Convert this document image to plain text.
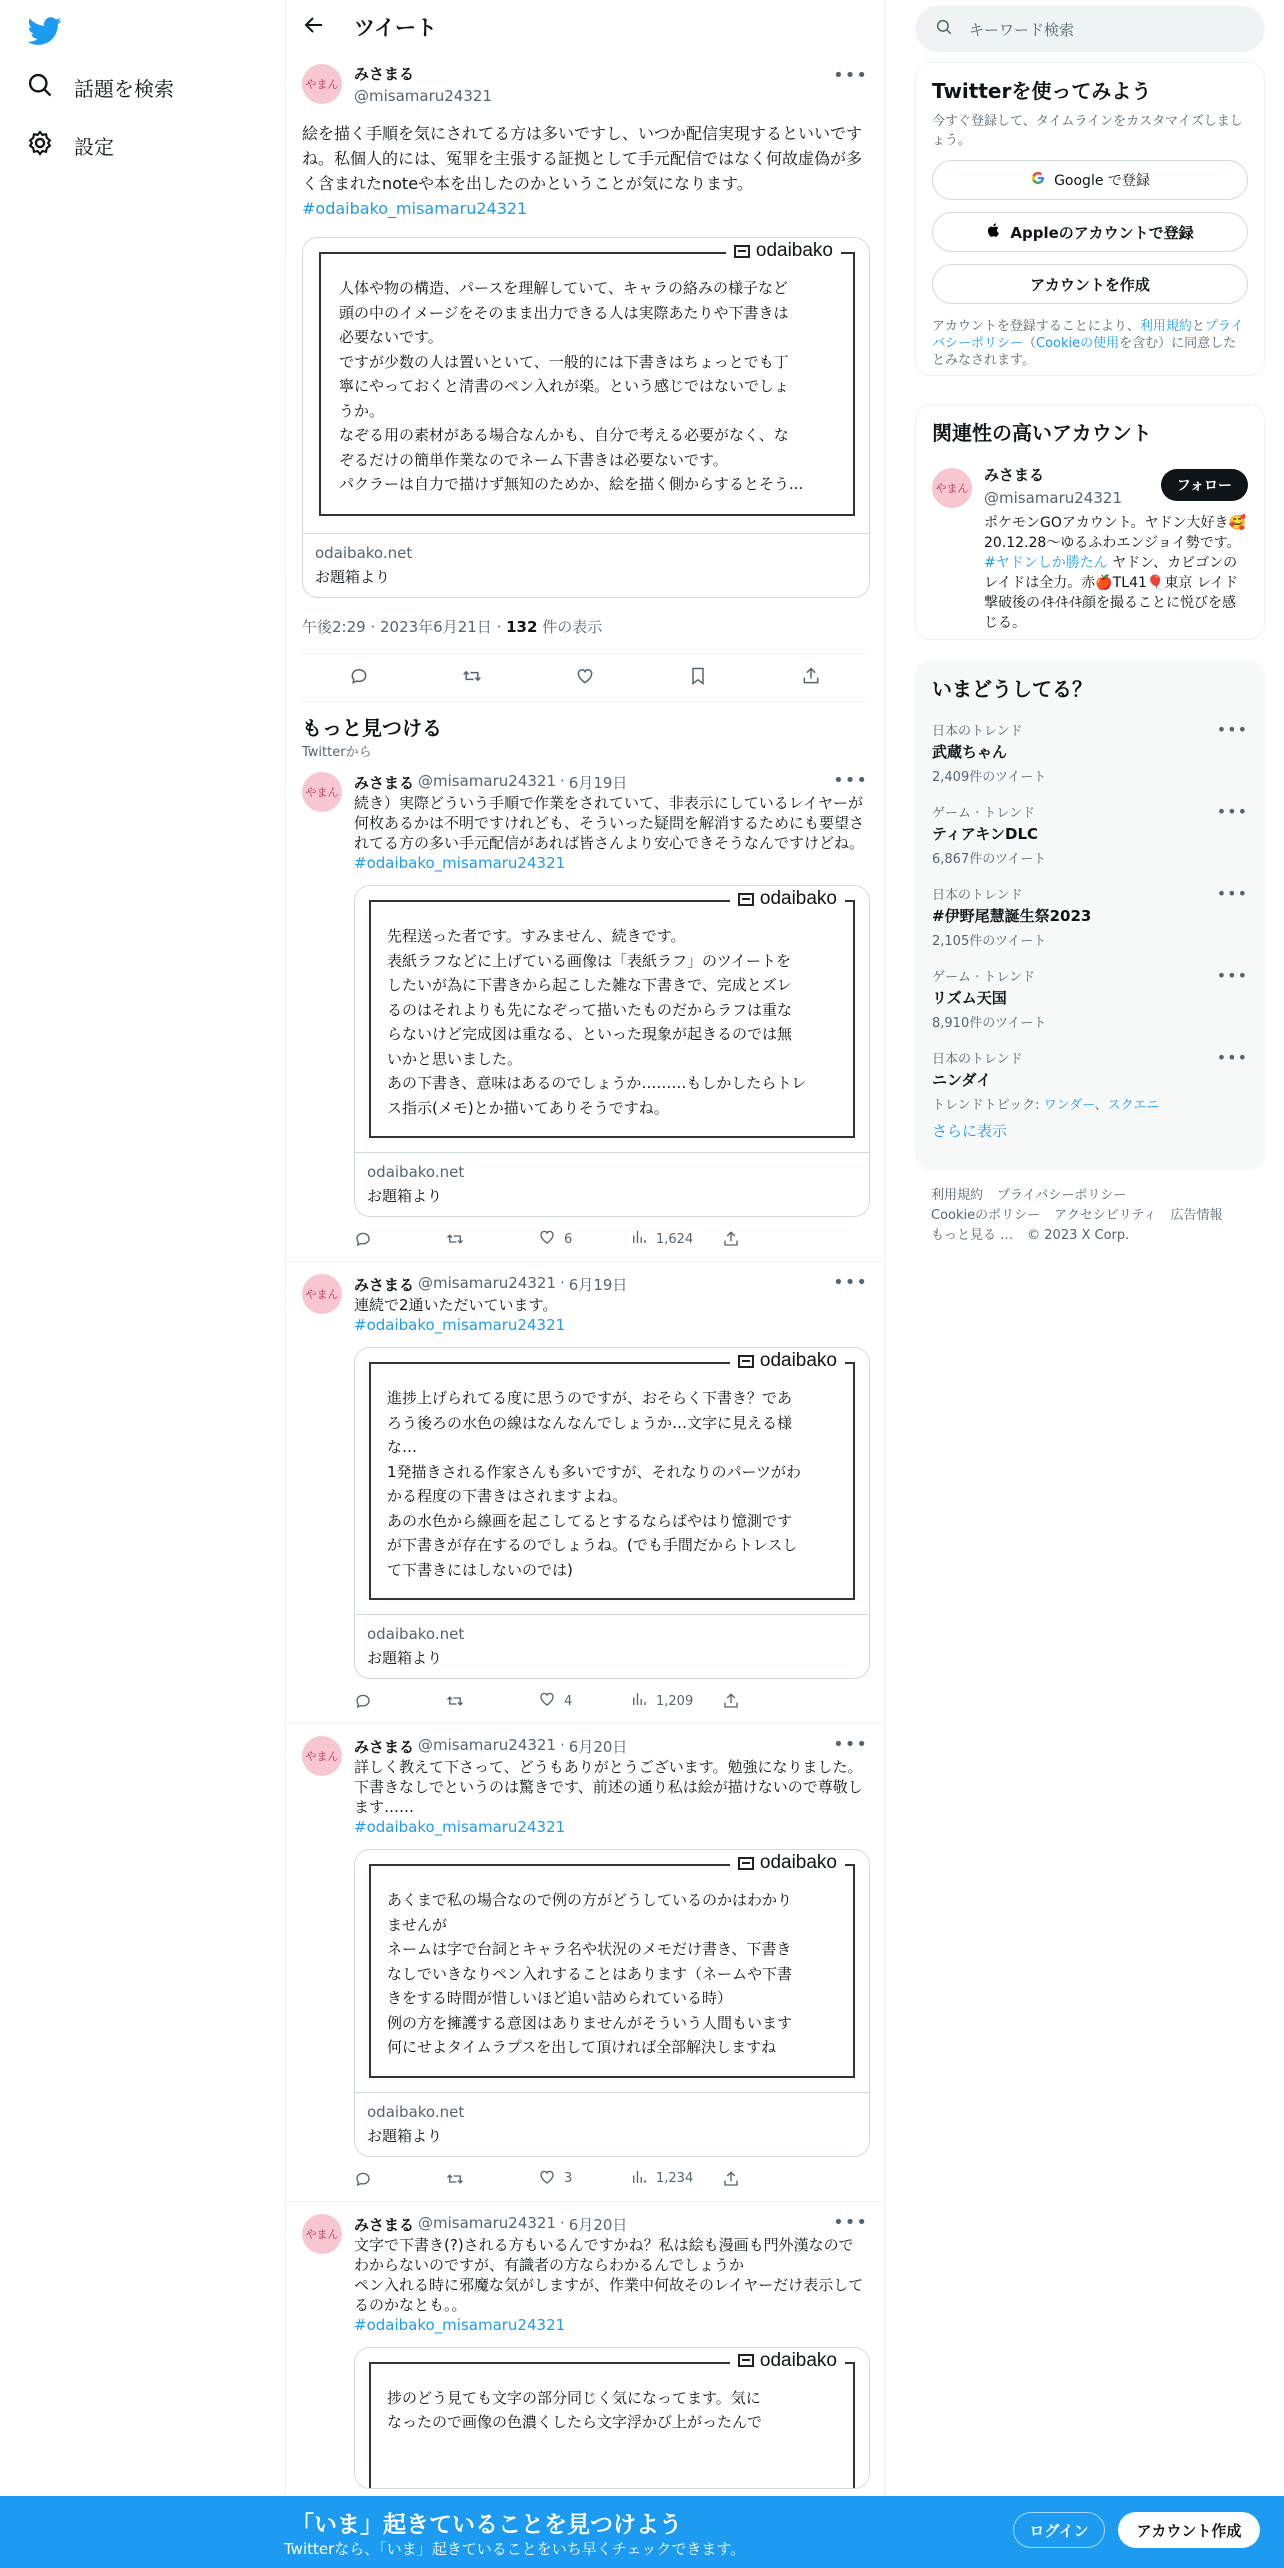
話題を検索
設定
ツイート
やまん
みさまる
@misamaru24321
•••
絵を描く手順を気にされてる方は多いですし、いつか配信実現するといいですね。私個人的には、冤罪を主張する証拠として手元配信ではなく何故虚偽が多く含まれたnoteや本を出したのかということが気になります。
#odaibako_misamaru24321
odaibako
人体や物の構造、パースを理解していて、キャラの絡みの様子など
頭の中のイメージをそのまま出力できる人は実際あたりや下書きは
必要ないです。
ですが少数の人は置いといて、一般的には下書きはちょっとでも丁
寧にやっておくと清書のペン入れが楽。という感じではないでしょ
うか。
なぞる用の素材がある場合なんかも、自分で考える必要がなく、な
ぞるだけの簡単作業なのでネーム下書きは必要ないです。
パクラーは自力で描けず無知のためか、絵を描く側からするとそう...
odaibako.net
お題箱より
午後2:29 · 2023年6月21日 · 132 件の表示
もっと見つける
Twitterから
やまん
•••
みさまる @misamaru24321 · 6月19日
続き）実際どういう手順で作業をされていて、非表示にしているレイヤーが
何枚あるかは不明ですけれども、そういった疑問を解消するためにも要望さ
れてる方の多い手元配信があれば皆さんより安心できそうなんですけどね。
#odaibako_misamaru24321
odaibako
先程送った者です。すみません、続きです。
表紙ラフなどに上げている画像は「表紙ラフ」のツイートを
したいが為に下書きから起こした雑な下書きで、完成とズレ
るのはそれよりも先になぞって描いたものだからラフは重な
らないけど完成図は重なる、といった現象が起きるのでは無
いかと思いました。
あの下書き、意味はあるのでしょうか………もしかしたらトレ
ス指示(メモ)とか描いてありそうですね。
odaibako.net
お題箱より
6	1,624
やまん
•••
みさまる @misamaru24321 · 6月19日
連続で2通いただいています。
#odaibako_misamaru24321
odaibako
進捗上げられてる度に思うのですが、おそらく下書き？であ
ろう後ろの水色の線はなんなんでしょうか…文字に見える様
な…
1発描きされる作家さんも多いですが、それなりのパーツがわ
かる程度の下書きはされますよね。
あの水色から線画を起こしてるとするならばやはり憶測です
が下書きが存在するのでしょうね。(でも手間だからトレスし
て下書きにはしないのでは)
odaibako.net
お題箱より
4	1,209
やまん
•••
みさまる @misamaru24321 · 6月20日
詳しく教えて下さって、どうもありがとうございます。勉強になりました。
下書きなしでというのは驚きです、前述の通り私は絵が描けないので尊敬し
ます……
#odaibako_misamaru24321
odaibako
あくまで私の場合なので例の方がどうしているのかはわかり
ませんが
ネームは字で台詞とキャラ名や状況のメモだけ書き、下書き
なしでいきなりペン入れすることはあります（ネームや下書
きをする時間が惜しいほど追い詰められている時）
例の方を擁護する意図はありませんがそういう人間もいます
何にせよタイムラプスを出して頂ければ全部解決しますね
odaibako.net
お題箱より
3	1,234
やまん
•••
みさまる @misamaru24321 · 6月20日
文字で下書き(?)される方もいるんですかね？私は絵も漫画も門外漢なので
わからないのですが、有識者の方ならわかるんでしょうか
ペン入れる時に邪魔な気がしますが、作業中何故そのレイヤーだけ表示して
るのかなとも。。
#odaibako_misamaru24321
odaibako
捗のどう見ても文字の部分同じく気になってます。気に
なったので画像の色濃くしたら文字浮かび上がったんで
キーワード検索
Twitterを使ってみよう
今すぐ登録して、タイムラインをカスタマイズしましょう。
Google で登録
Appleのアカウントで登録
アカウントを作成
アカウントを登録することにより、利用規約とプライバシーポリシー（Cookieの使用を含む）に同意したとみなされます。
関連性の高いアカウント
やまん
みさまる
@misamaru24321
ポケモンGOアカウント。ヤドン大好き🥰 20.12.28〜ゆるふわエンジョイ勢です。#ヤドンしか勝たん ヤドン、カビゴンのレイドは全力。赤🍎TL41🎈東京 レイド撃破後のｲｷｲｷｲｷ顔を撮ることに悦びを感じる。
フォロー
いまどうしてる？
日本のトレンド
武蔵ちゃん
2,409件のツイート
•••
ゲーム · トレンド
ティアキンDLC
6,867件のツイート
•••
日本のトレンド
#伊野尾慧誕生祭2023
2,105件のツイート
•••
ゲーム · トレンド
リズム天国
8,910件のツイート
•••
日本のトレンド
ニンダイ
トレンドトピック: ワンダー、スクエニ
•••
さらに表示
利用規約 プライバシーポリシー
Cookieのポリシー アクセシビリティ 広告情報
もっと見る … © 2023 X Corp.
「いま」起きていることを見つけよう
Twitterなら、「いま」起きていることをいち早くチェックできます。
ログイン	アカウント作成
